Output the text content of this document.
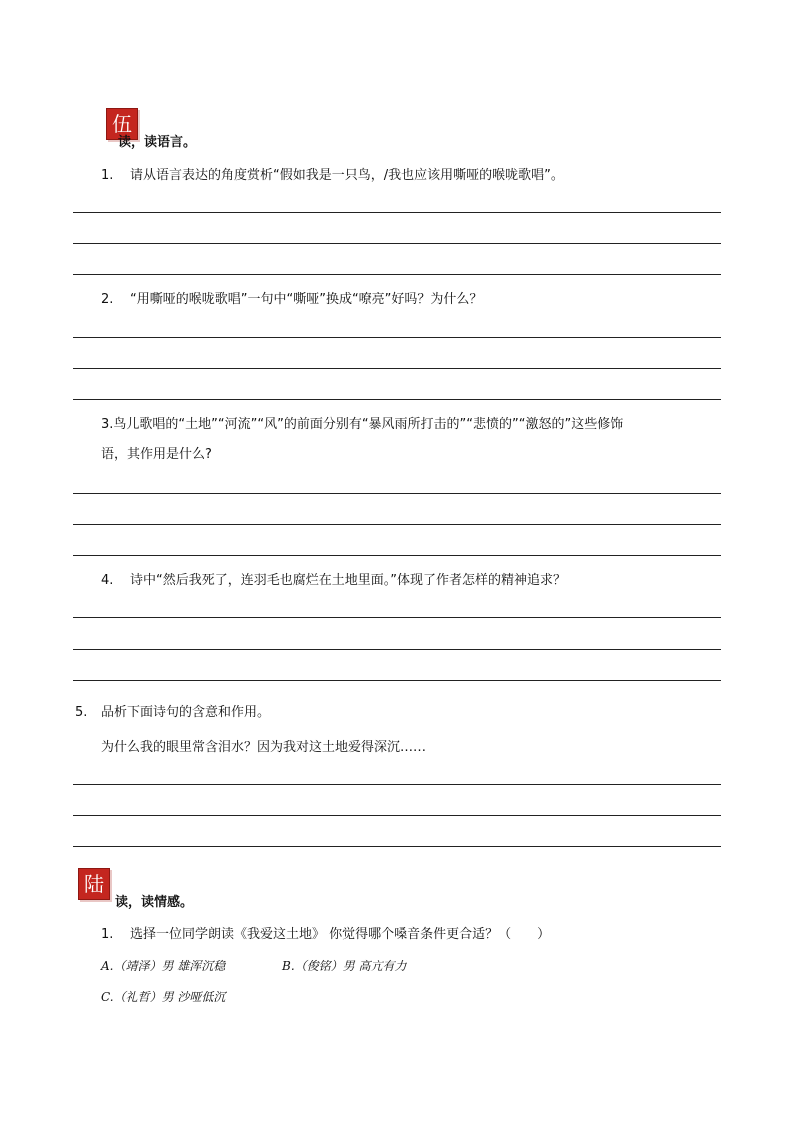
伍
读，读语言。
1. 请从语言表达的角度赏析“假如我是一只鸟，/我也应该用嘶哑的喉咙歌唱”。
2. “用嘶哑的喉咙歌唱”一句中“嘶哑”换成“嘹亮”好吗？为什么？
3.鸟儿歌唱的“土地”“河流”“风”的前面分别有“暴风雨所打击的”“悲愤的”“激怒的”这些修饰
语，其作用是什么?
4. 诗中“然后我死了，连羽毛也腐烂在土地里面。”体现了作者怎样的精神追求？
5. 品析下面诗句的含意和作用。
为什么我的眼里常含泪水？因为我对这土地爱得深沉……
陆
读，读情感。
1. 选择一位同学朗读《我爱这土地》 你觉得哪个嗓音条件更合适？（　　）
A.（靖泽）男 雄浑沉稳	B.（俊铭）男 高亢有力
C.（礼哲）男 沙哑低沉
